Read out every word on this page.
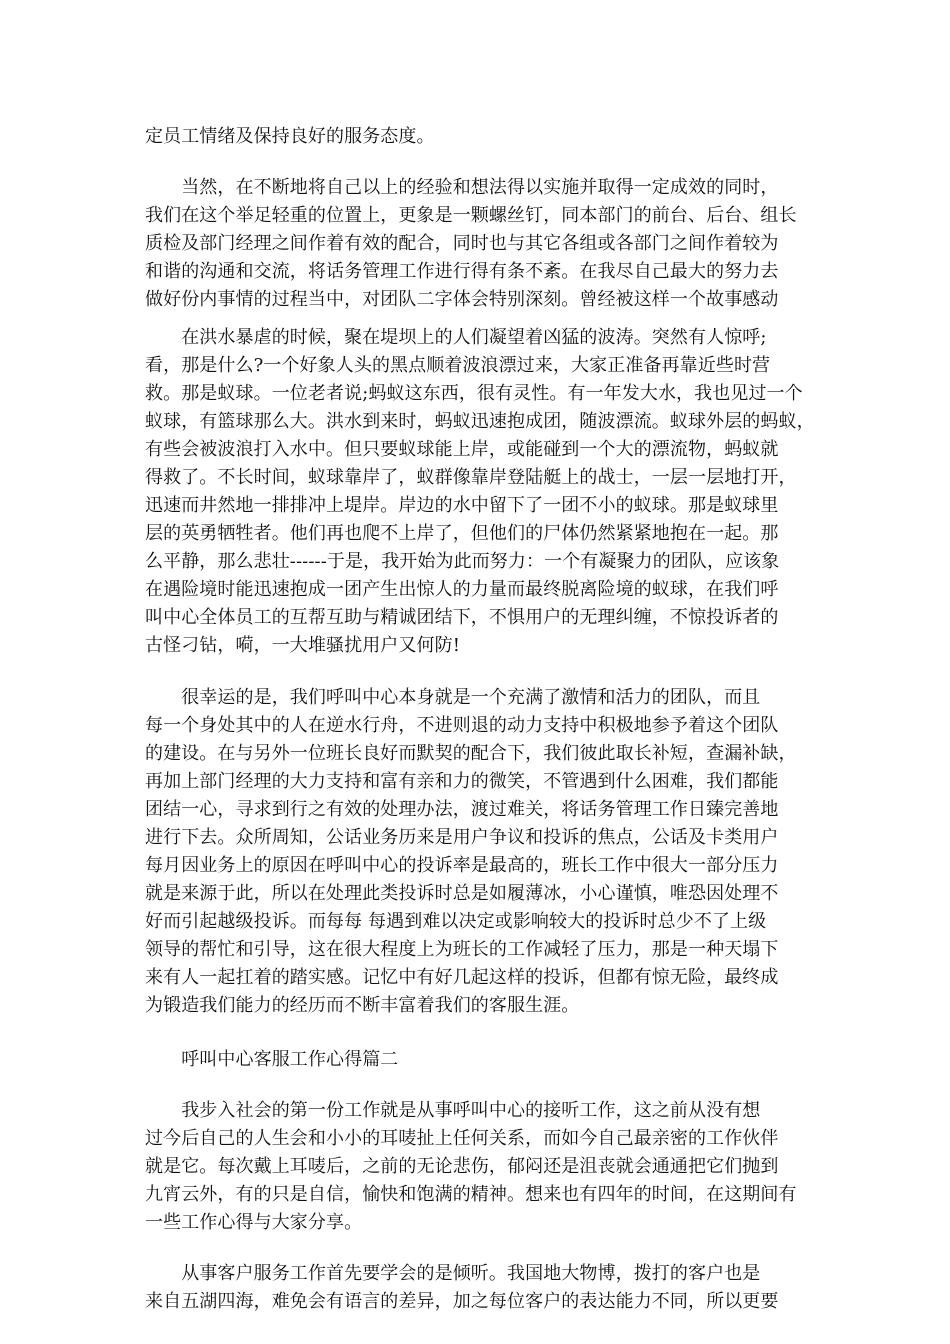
定员工情绪及保持良好的服务态度。
　　当然，在不断地将自己以上的经验和想法得以实施并取得一定成效的同时，
我们在这个举足轻重的位置上，更象是一颗螺丝钉，同本部门的前台、后台、组长
质检及部门经理之间作着有效的配合，同时也与其它各组或各部门之间作着较为
和谐的沟通和交流，将话务管理工作进行得有条不紊。在我尽自己最大的努力去
做好份内事情的过程当中，对团队二字体会特别深刻。曾经被这样一个故事感动
　　在洪水暴虐的时候，聚在堤坝上的人们凝望着凶猛的波涛。突然有人惊呼;
看，那是什么?一个好象人头的黑点顺着波浪漂过来，大家正准备再靠近些时营
救。那是蚁球。一位老者说;蚂蚁这东西，很有灵性。有一年发大水，我也见过一个
蚁球，有篮球那么大。洪水到来时，蚂蚁迅速抱成团，随波漂流。蚁球外层的蚂蚁，
有些会被波浪打入水中。但只要蚁球能上岸，或能碰到一个大的漂流物，蚂蚁就
得救了。不长时间，蚁球靠岸了，蚁群像靠岸登陆艇上的战士，一层一层地打开，
迅速而井然地一排排冲上堤岸。岸边的水中留下了一团不小的蚁球。那是蚁球里
层的英勇牺牲者。他们再也爬不上岸了，但他们的尸体仍然紧紧地抱在一起。那
么平静，那么悲壮------于是，我开始为此而努力：一个有凝聚力的团队，应该象
在遇险境时能迅速抱成一团产生出惊人的力量而最终脱离险境的蚁球，在我们呼
叫中心全体员工的互帮互助与精诚团结下，不惧用户的无理纠缠，不惊投诉者的
古怪刁钻，嗬，一大堆骚扰用户又何防!
　　很幸运的是，我们呼叫中心本身就是一个充满了激情和活力的团队，而且
每一个身处其中的人在逆水行舟，不进则退的动力支持中积极地参予着这个团队
的建设。在与另外一位班长良好而默契的配合下，我们彼此取长补短，查漏补缺，
再加上部门经理的大力支持和富有亲和力的微笑，不管遇到什么困难，我们都能
团结一心，寻求到行之有效的处理办法，渡过难关，将话务管理工作日臻完善地
进行下去。众所周知，公话业务历来是用户争议和投诉的焦点，公话及卡类用户
每月因业务上的原因在呼叫中心的投诉率是最高的，班长工作中很大一部分压力
就是来源于此，所以在处理此类投诉时总是如履薄冰，小心谨慎，唯恐因处理不
好而引起越级投诉。而每每 每遇到难以决定或影响较大的投诉时总少不了上级
领导的帮忙和引导，这在很大程度上为班长的工作减轻了压力，那是一种天塌下
来有人一起扛着的踏实感。记忆中有好几起这样的投诉，但都有惊无险，最终成
为锻造我们能力的经历而不断丰富着我们的客服生涯。
　　呼叫中心客服工作心得篇二
　　我步入社会的第一份工作就是从事呼叫中心的接听工作，这之前从没有想
过今后自己的人生会和小小的耳唛扯上任何关系，而如今自己最亲密的工作伙伴
就是它。每次戴上耳唛后，之前的无论悲伤，郁闷还是沮丧就会通通把它们抛到
九宵云外，有的只是自信，愉快和饱满的精神。想来也有四年的时间，在这期间有
一些工作心得与大家分享。
　　从事客户服务工作首先要学会的是倾听。我国地大物博，拨打的客户也是
来自五湖四海，难免会有语言的差异，加之每位客户的表达能力不同，所以更要
